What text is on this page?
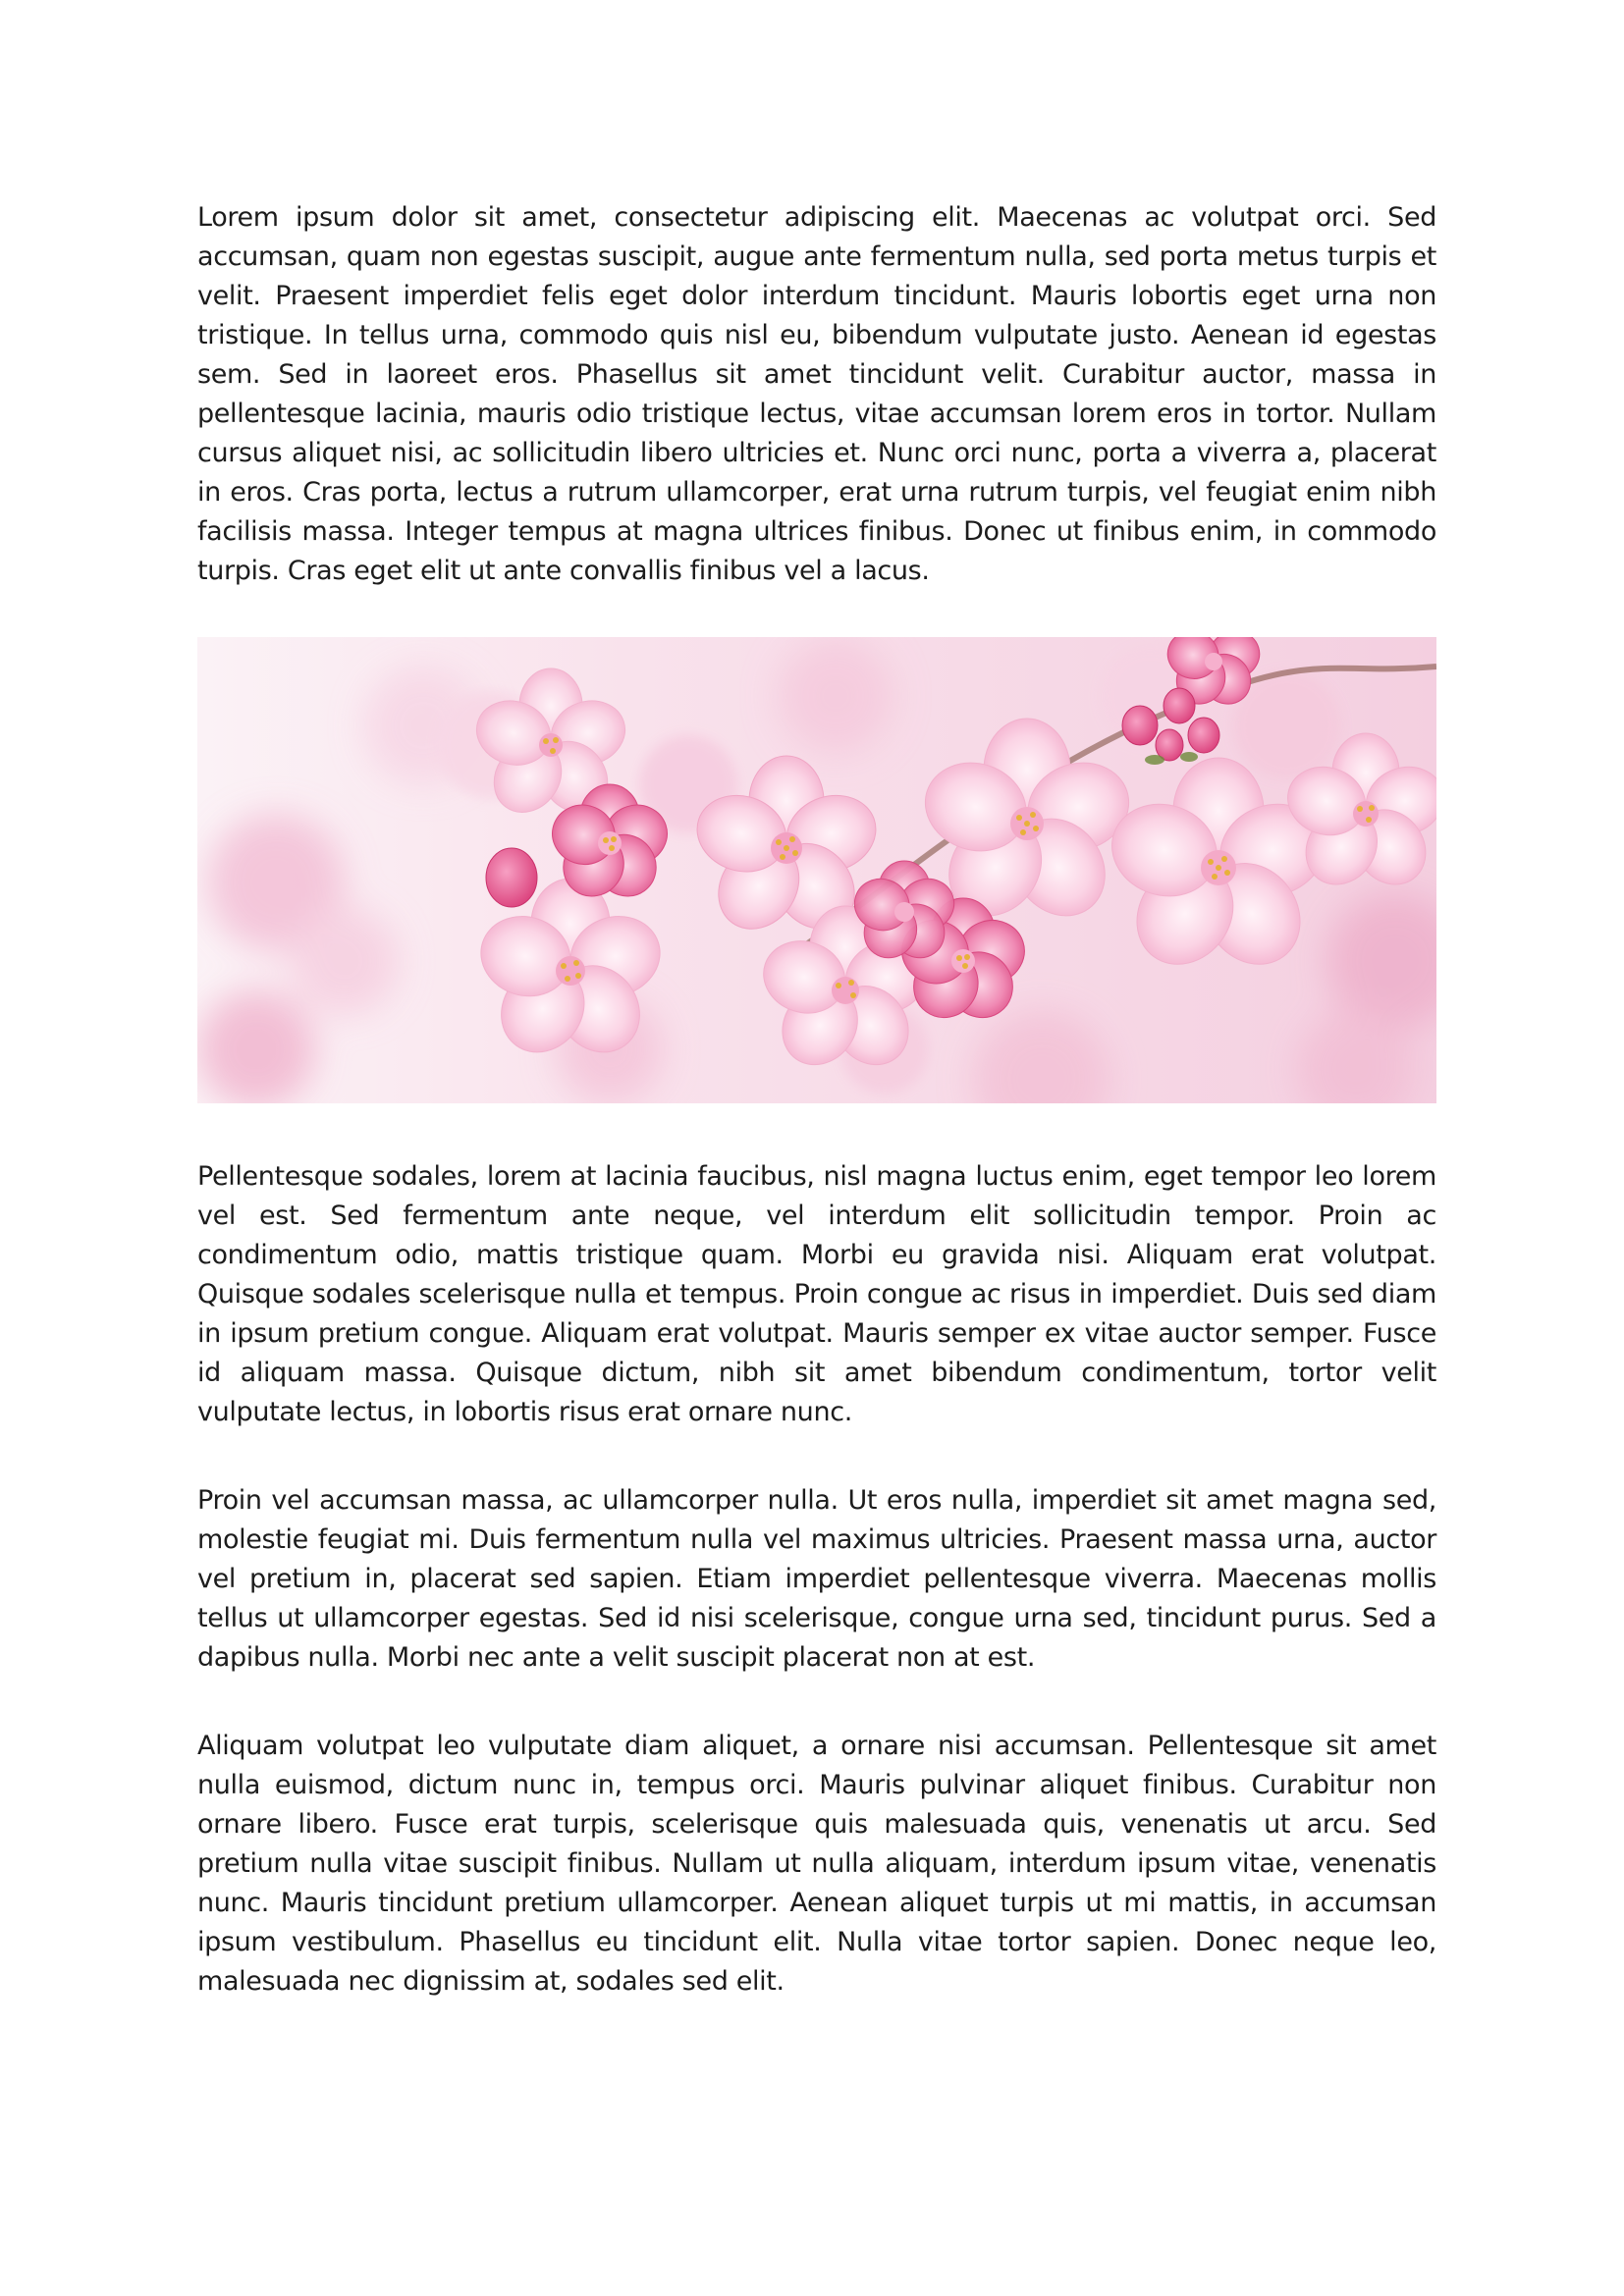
Lorem ipsum dolor sit amet, consectetur adipiscing elit. Maecenas ac volutpat orci. Sed accumsan, quam non egestas suscipit, augue ante fermentum nulla, sed porta metus turpis et velit. Praesent imperdiet felis eget dolor interdum tincidunt. Mauris lobortis eget urna non tristique. In tellus urna, commodo quis nisl eu, bibendum vulputate justo. Aenean id egestas sem. Sed in laoreet eros. Phasellus sit amet tincidunt velit. Curabitur auctor, massa in pellentesque lacinia, mauris odio tristique lectus, vitae accumsan lorem eros in tortor. Nullam cursus aliquet nisi, ac sollicitudin libero ultricies et. Nunc orci nunc, porta a viverra a, placerat in eros. Cras porta, lectus a rutrum ullamcorper, erat urna rutrum turpis, vel feugiat enim nibh facilisis massa. Integer tempus at magna ultrices finibus. Donec ut finibus enim, in commodo turpis. Cras eget elit ut ante convallis finibus vel a lacus.

Pellentesque sodales, lorem at lacinia faucibus, nisl magna luctus enim, eget tempor leo lorem vel est. Sed fermentum ante neque, vel interdum elit sollicitudin tempor. Proin ac condimentum odio, mattis tristique quam. Morbi eu gravida nisi. Aliquam erat volutpat. Quisque sodales scelerisque nulla et tempus. Proin congue ac risus in imperdiet. Duis sed diam in ipsum pretium congue. Aliquam erat volutpat. Mauris semper ex vitae auctor semper. Fusce id aliquam massa. Quisque dictum, nibh sit amet bibendum condimentum, tortor velit vulputate lectus, in lobortis risus erat ornare nunc.

Proin vel accumsan massa, ac ullamcorper nulla. Ut eros nulla, imperdiet sit amet magna sed, molestie feugiat mi. Duis fermentum nulla vel maximus ultricies. Praesent massa urna, auctor vel pretium in, placerat sed sapien. Etiam imperdiet pellentesque viverra. Maecenas mollis tellus ut ullamcorper egestas. Sed id nisi scelerisque, congue urna sed, tincidunt purus. Sed a dapibus nulla. Morbi nec ante a velit suscipit placerat non at est.

Aliquam volutpat leo vulputate diam aliquet, a ornare nisi accumsan. Pellentesque sit amet nulla euismod, dictum nunc in, tempus orci. Mauris pulvinar aliquet finibus. Curabitur non ornare libero. Fusce erat turpis, scelerisque quis malesuada quis, venenatis ut arcu. Sed pretium nulla vitae suscipit finibus. Nullam ut nulla aliquam, interdum ipsum vitae, venenatis nunc. Mauris tincidunt pretium ullamcorper. Aenean aliquet turpis ut mi mattis, in accumsan ipsum vestibulum. Phasellus eu tincidunt elit. Nulla vitae tortor sapien. Donec neque leo, malesuada nec dignissim at, sodales sed elit.
